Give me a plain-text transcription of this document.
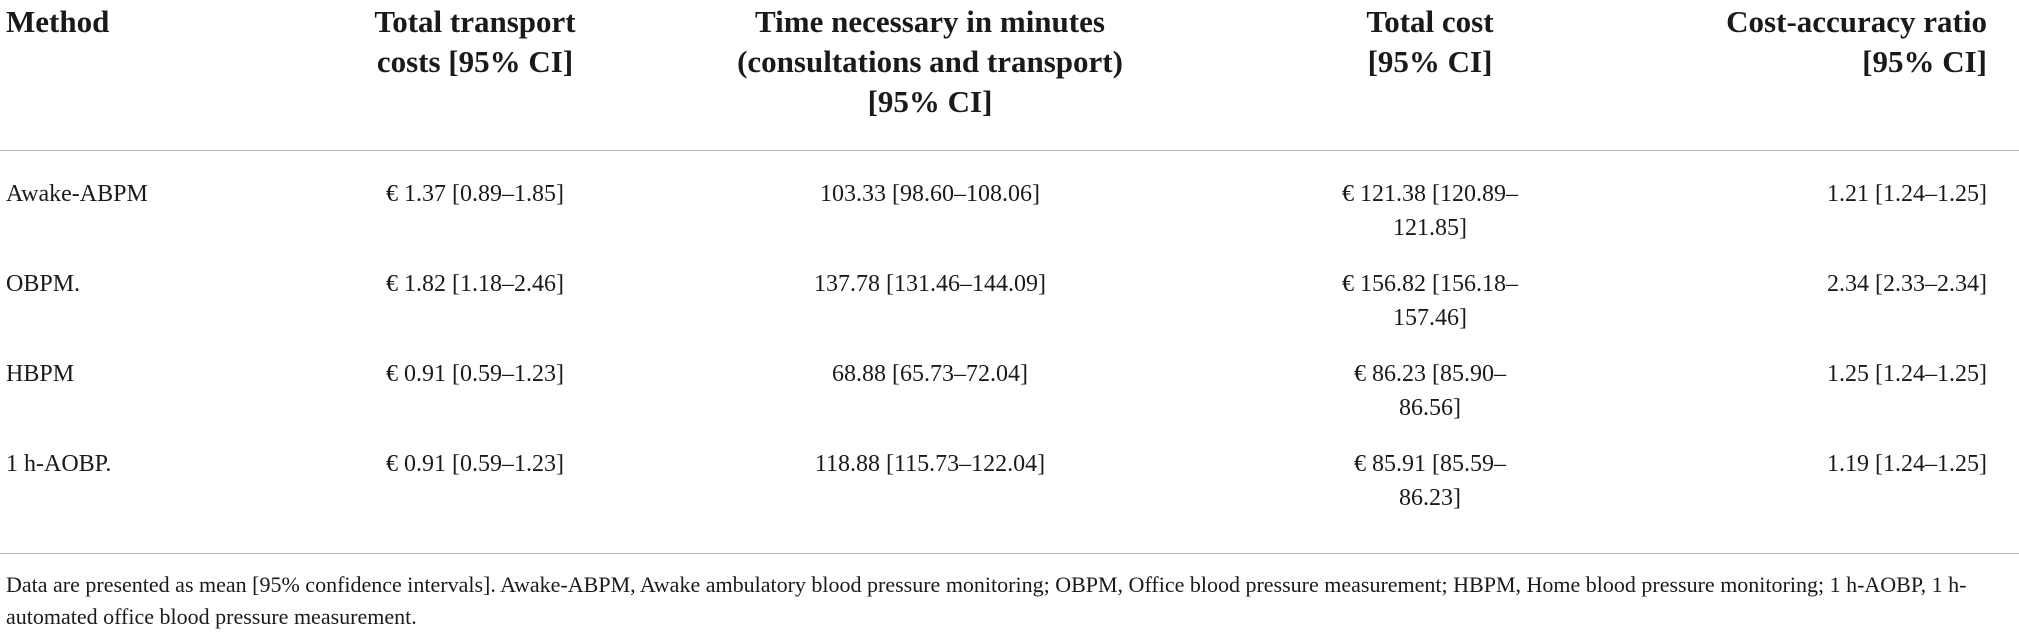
Method	Total transport costs [95% CI]	Time necessary in minutes (consultations and transport) [95% CI]	Total cost [95% CI]	Cost-accuracy ratio [95% CI]
Awake-ABPM	€ 1.37 [0.89–1.85]	103.33 [98.60–108.06]	€ 121.38 [120.89–121.85]	1.21 [1.24–1.25]
OBPM.	€ 1.82 [1.18–2.46]	137.78 [131.46–144.09]	€ 156.82 [156.18–157.46]	2.34 [2.33–2.34]
HBPM	€ 0.91 [0.59–1.23]	68.88 [65.73–72.04]	€ 86.23 [85.90–86.56]	1.25 [1.24–1.25]
1 h-AOBP.	€ 0.91 [0.59–1.23]	118.88 [115.73–122.04]	€ 85.91 [85.59–86.23]	1.19 [1.24–1.25]
Data are presented as mean [95% confidence intervals]. Awake-ABPM, Awake ambulatory blood pressure monitoring; OBPM, Office blood pressure measurement; HBPM, Home blood pressure monitoring; 1 h-AOBP, 1 h- automated office blood pressure measurement.
